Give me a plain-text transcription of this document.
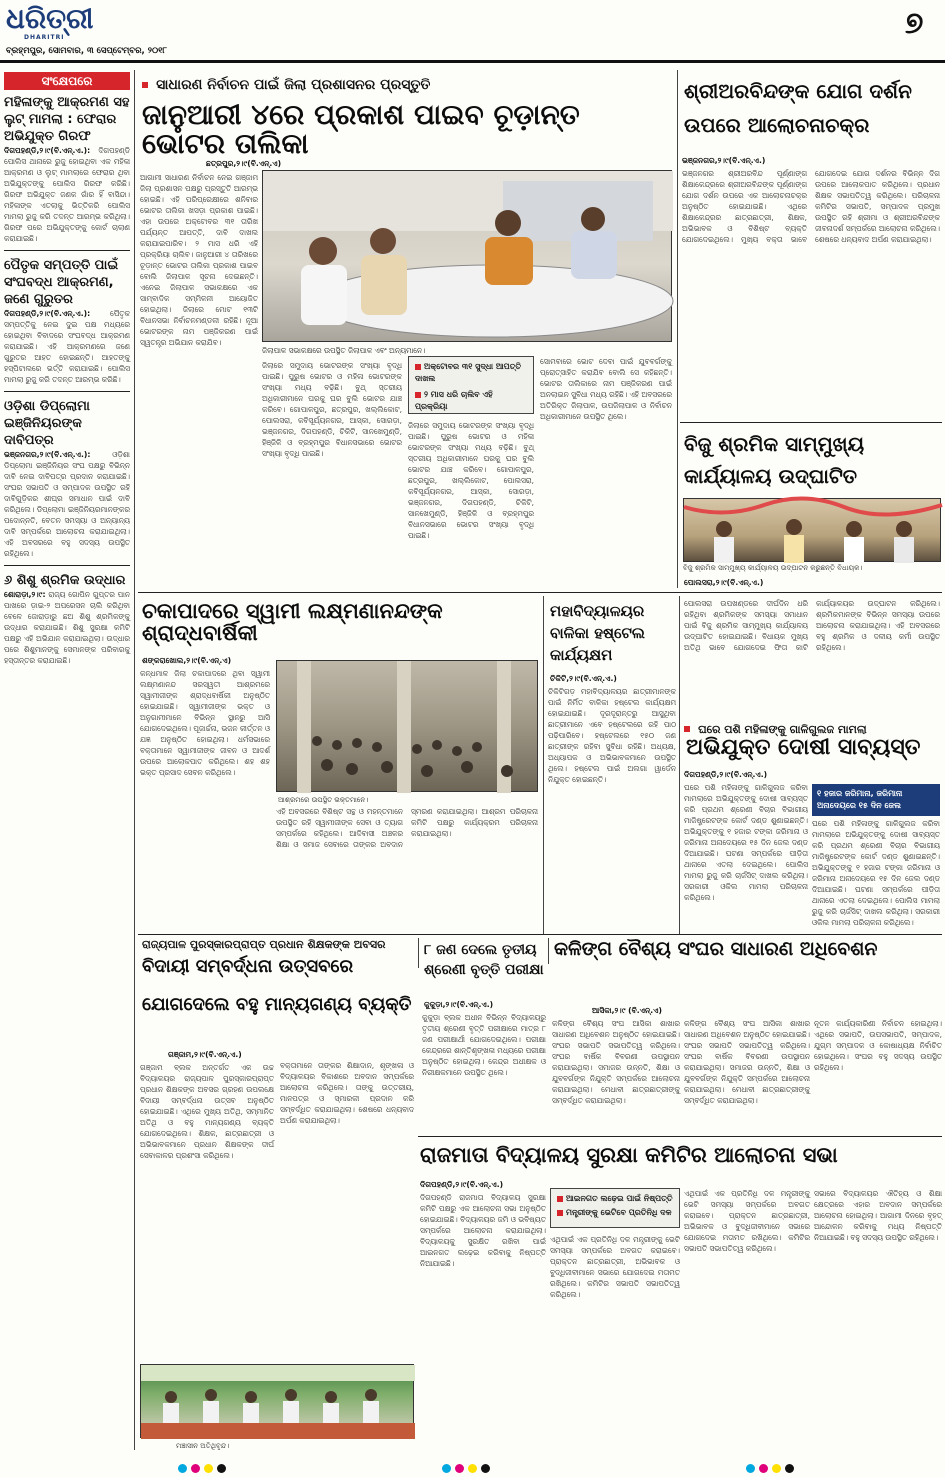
ଧରିତ୍ରୀ
DHARITRI
ବ୍ରହ୍ମପୁର, ସୋମବାର, ୩ ସେପ୍ଟେମ୍ବର, ୨୦୧୮
୭
ସଂକ୍ଷେପରେ
ମହିଳାଙ୍କୁ ଆକ୍ରମଣ ସହ ଲୁଟ୍ ମାମଲା : ଫେରାର ଅଭିଯୁକ୍ତ ଗିରଫ
ଦିଗପହଣ୍ଡି,୨।୯(ବି.ଏନ୍.ଏ.): ଦିଗପହଣ୍ଡି ପୋଲିସ ଥାନାରେ ରୁଜୁ ହୋଇଥିବା ଏକ ମହିଳା ଆକ୍ରମଣ ଓ ଲୁଟ୍ ମାମଲାରେ ଫେରାର ଥିବା ଅଭିଯୁକ୍ତଙ୍କୁ ପୋଲିସ ଗିରଫ କରିଛି। ଗିରଫ ଅଭିଯୁକ୍ତ ଜଣକ ଗାଁର ହିଁ ବାସିନ୍ଦା। ମହିଳାଙ୍କ ଏତଲାକୁ ଭିତ୍ତିକରି ପୋଲିସ ମାମଲା ରୁଜୁ କରି ତଦନ୍ତ ଆରମ୍ଭ କରିଥିଲା। ଗିରଫ ପରେ ଅଭିଯୁକ୍ତଙ୍କୁ କୋର୍ଟ ଚାଲାଣ କରାଯାଇଛି।
ପୈତୃକ ସମ୍ପତ୍ତି ପାଇଁ ସଂଘବଦ୍ଧ ଆକ୍ରମଣ, ଜଣେ ଗୁରୁତର
ଦିଗପହଣ୍ଡି,୨।୯(ବି.ଏନ୍.ଏ.):	ପୈତୃକ ସମ୍ପତ୍ତିକୁ ନେଇ ଦୁଇ ପକ୍ଷ ମଧ୍ୟରେ ହୋଇଥିବା ବିବାଦରେ ସଂଘବଦ୍ଧ ଆକ୍ରମଣ କରାଯାଇଛି। ଏହି ଆକ୍ରମଣରେ ଜଣେ ଗୁରୁତର ଆହତ ହୋଇଛନ୍ତି। ଆହତଙ୍କୁ ହସ୍ପିଟାଲରେ ଭର୍ତ୍ତି କରାଯାଇଛି। ପୋଲିସ ମାମଲା ରୁଜୁ କରି ତଦନ୍ତ ଆରମ୍ଭ କରିଛି।
ଓଡ଼ିଶା ଡିପ୍ଲୋମା ଇଞ୍ଜିନିୟରଙ୍କ ଦାବିପତ୍ର
ଭଞ୍ଜନଗର,୨।୯(ବି.ଏନ୍.ଏ.):	ଓଡ଼ିଶା ଡିପ୍ଲୋମା ଇଞ୍ଜିନିୟର ସଂଘ ପକ୍ଷରୁ ବିଭିନ୍ନ ଦାବି ନେଇ ଦାବିପତ୍ର ପ୍ରଦାନ କରାଯାଇଛି। ସଂଘର ସଭାପତି ଓ ସମ୍ପାଦକ ଉପସ୍ଥିତ ରହି ଦାବିଗୁଡ଼ିକର ଶୀଘ୍ର ସମାଧାନ ପାଇଁ ଦାବି କରିଥିଲେ। ଡିପ୍ଲୋମା ଇଞ୍ଜିନିୟରମାନଙ୍କର ପଦୋନ୍ନତି, ବେତନ ସମସ୍ୟା ଓ ଅନ୍ୟାନ୍ୟ ଦାବି ସମ୍ପର୍କରେ ଆଲୋଚନା କରାଯାଇଥିଲା। ଏହି ଅବସରରେ ବହୁ ସଦସ୍ୟ ଉପସ୍ଥିତ ରହିଥିଲେ।
୬ ଶିଶୁ ଶ୍ରମିକ ଉଦ୍ଧାର
ଶୋରାଡ଼ା,୨।୯: ରାଜ୍ୟ ଗୋପିନ ଗୁପ୍ତର ପାନ ପାଖରେ ଡ଼ାଇ-୨ ଅପରେସନ ଚାଲି କରିଥିବା ବେଳେ ଜୋରାଡ଼ାରୁ ଛଅ ଶିଶୁ ଶ୍ରମିକଙ୍କୁ ଉଦ୍ଧାର କରାଯାଇଛି। ଶିଶୁ ସୁରକ୍ଷା କମିଟି ପକ୍ଷରୁ ଏହି ଅଭିଯାନ କରାଯାଇଥିଲା। ଉଦ୍ଧାର ପରେ ଶିଶୁମାନଙ୍କୁ ସେମାନଙ୍କ ପରିବାରକୁ ହସ୍ତାନ୍ତର କରାଯାଇଛି।
ସାଧାରଣ ନିର୍ବାଚନ ପାଇଁ ଜିଲା ପ୍ରଶାସନର ପ୍ରସ୍ତୁତି
ଜାନୁଆରୀ ୪ରେ ପ୍ରକାଶ ପାଇବ ଚୂଡ଼ାନ୍ତ ଭୋଟର ତାଲିକା
ଛତ୍ରପୁର,୨।୯(ବି.ଏନ୍.ଏ)
ଆଗାମୀ ସାଧାରଣ ନିର୍ବାଚନ ନେଇ ଗଞ୍ଜାମ ଜିଲା ପ୍ରଶାସନ ପକ୍ଷରୁ ପ୍ରସ୍ତୁତି ଆରମ୍ଭ ହୋଇଛି। ଏହି ପରିପ୍ରେକ୍ଷୀରେ ଶନିବାର ଭୋଟର ତାଲିକା ଖସଡ଼ା ପ୍ରକାଶ ପାଇଛି। ଏହା ଉପରେ ଅକ୍ଟୋବର ୩୧ ତାରିଖ ପର୍ଯ୍ୟନ୍ତ ଆପତ୍ତି, ଦାବି ଦାଖଲ କରାଯାଇପାରିବ। ୨ ମାସ ଧରି ଏହି ପ୍ରକ୍ରିୟା ଚାଲିବ। ଜାନୁଆରୀ ୪ ତାରିଖରେ ଚୂଡ଼ାନ୍ତ ଭୋଟର ତାଲିକା ପ୍ରକାଶ ପାଇବ ବୋଲି ଜିଲାପାଳ ସୂଚନା ଦେଇଛନ୍ତି। ଏନେଇ ଜିଲାପାଳ ସଭାକକ୍ଷରେ ଏକ ସାମ୍ବାଦିକ ସମ୍ମିଳନୀ ଆୟୋଜିତ ହୋଇଥିଲା। ଜିଲାରେ ମୋଟ ୧୩ଟି ବିଧାନସଭା ନିର୍ବାଚନମଣ୍ଡଳୀ ରହିଛି। ନୂଆ ଭୋଟରଙ୍କ ନାମ ପଞ୍ଜିକରଣ ପାଇଁ ସ୍ୱତନ୍ତ୍ର ଅଭିଯାନ କରାଯିବ।
ଜିଲାପାଳ ସଭାକକ୍ଷରେ ଉପସ୍ଥିତ ଜିଲାପାଳ ଏବଂ ଅନ୍ୟମାନେ।
ଜିଲାରେ ସମୁଦାୟ ଭୋଟରଙ୍କ ସଂଖ୍ୟା ବୃଦ୍ଧି ପାଇଛି। ପୁରୁଷ ଭୋଟର ଓ ମହିଳା ଭୋଟରଙ୍କ ସଂଖ୍ୟା ମଧ୍ୟ ବଢ଼ିଛି। ବୁଥ୍ ସ୍ତରୀୟ ଅଧିକାରୀମାନେ ଘରକୁ ଘର ବୁଲି ଭୋଟର ଯାଞ୍ଚ କରିବେ। ଗୋପାଳପୁର, ଛତ୍ରପୁର, ଖଲ୍ଲିକୋଟ, ପୋଲସରା, କବିସୂର୍ଯ୍ୟନଗର, ଆସ୍କା, ସୋରଡ଼ା, ଭଞ୍ଜନଗର, ଦିଗପହଣ୍ଡି, ଚିକିଟି, ସାନଖେମୁଣ୍ଡି, ହିଞ୍ଜିଳି ଓ ବ୍ରହ୍ମପୁର ବିଧାନସଭାରେ ଭୋଟର ସଂଖ୍ୟା ବୃଦ୍ଧି ପାଇଛି।
ଅକ୍ଟୋବର ୩୧ ସୁଦ୍ଧା ଆପତ୍ତି ଦାଖଲ
୨ ମାସ ଧରି ଚାଲିବ ଏହି ପ୍ରକ୍ରିୟା
ଜିଲାରେ ସମୁଦାୟ ଭୋଟରଙ୍କ ସଂଖ୍ୟା ବୃଦ୍ଧି ପାଇଛି। ପୁରୁଷ ଭୋଟର ଓ ମହିଳା ଭୋଟରଙ୍କ ସଂଖ୍ୟା ମଧ୍ୟ ବଢ଼ିଛି। ବୁଥ୍ ସ୍ତରୀୟ ଅଧିକାରୀମାନେ ଘରକୁ ଘର ବୁଲି ଭୋଟର ଯାଞ୍ଚ କରିବେ। ଗୋପାଳପୁର, ଛତ୍ରପୁର, ଖଲ୍ଲିକୋଟ, ପୋଲସରା, କବିସୂର୍ଯ୍ୟନଗର, ଆସ୍କା, ସୋରଡ଼ା, ଭଞ୍ଜନଗର, ଦିଗପହଣ୍ଡି, ଚିକିଟି, ସାନଖେମୁଣ୍ଡି, ହିଞ୍ଜିଳି ଓ ବ୍ରହ୍ମପୁର ବିଧାନସଭାରେ ଭୋଟର ସଂଖ୍ୟା ବୃଦ୍ଧି ପାଇଛି।
ସୋମବାରେ ଭୋଟ ଦେବା ପାଇଁ ଯୁବବର୍ଗଙ୍କୁ ପ୍ରୋତ୍ସାହିତ କରାଯିବ ବୋଲି ସେ କହିଛନ୍ତି। ଭୋଟର ତାଲିକାରେ ନାମ ପଞ୍ଜିକରଣ ପାଇଁ ଅନଲାଇନ ସୁବିଧା ମଧ୍ୟ ରହିଛି। ଏହି ଅବସରରେ ଅତିରିକ୍ତ ଜିଲାପାଳ, ଉପଜିଲାପାଳ ଓ ନିର୍ବାଚନ ଅଧିକାରୀମାନେ ଉପସ୍ଥିତ ଥିଲେ।
ଶ୍ରୀଅରବିନ୍ଦଙ୍କ ଯୋଗ ଦର୍ଶନ ଉପରେ ଆଲୋଚନାଚକ୍ର
ଭଞ୍ଜନଗର,୨।୯(ବି.ଏନ୍.ଏ.)
ଭଞ୍ଜନଗର ଶ୍ରୀଅରବିନ୍ଦ ପୂର୍ଣ୍ଣାଙ୍ଗ ଶିକ୍ଷାକେନ୍ଦ୍ରରେ ଶ୍ରୀଅରବିନ୍ଦଙ୍କ ପୂର୍ଣ୍ଣାଙ୍ଗ ଯୋଗ ଦର୍ଶନ ଉପରେ ଏକ ଆଲୋଚନାଚକ୍ର ଅନୁଷ୍ଠିତ ହୋଇଯାଇଛି। ଏଥିରେ ଶିକ୍ଷାକେନ୍ଦ୍ରର ଛାତ୍ରଛାତ୍ରୀ, ଶିକ୍ଷକ, ଅଭିଭାବକ ଓ ବିଶିଷ୍ଟ ବ୍ୟକ୍ତି ଯୋଗଦେଇଥିଲେ। ମୁଖ୍ୟ ବକ୍ତା ଭାବେ ଯୋଗଦେଇ ଯୋଗ ଦର୍ଶନର ବିଭିନ୍ନ ଦିଗ ଉପରେ ଆଲୋକପାତ କରିଥିଲେ। ପ୍ରଧାନ ଶିକ୍ଷକ ସଭାପତିତ୍ୱ କରିଥିଲେ। ପରିଚାଳନା କମିଟିର ସଭାପତି, ସମ୍ପାଦକ ପ୍ରମୁଖ ଉପସ୍ଥିତ ରହି ଶ୍ରୀମା ଓ ଶ୍ରୀଅରବିନ୍ଦଙ୍କ ଜୀବନାଦର୍ଶ ସମ୍ପର୍କରେ ଆଲୋଚନା କରିଥିଲେ। ଶେଷରେ ଧନ୍ୟବାଦ ଅର୍ପଣ କରାଯାଇଥିଲା।
ବିଜୁ ଶ୍ରମିକ ସାମ୍ମୁଖ୍ୟ କାର୍ଯ୍ୟାଳୟ ଉଦ୍‌ଘାଟିତ
ବିଜୁ ଶ୍ରମିକ ସାମ୍ମୁଖ୍ୟ କାର୍ଯ୍ୟାଳୟ ଉଦ୍‌ଘାଟନ କରୁଛନ୍ତି ବିଧାୟକ।
ପୋଲସରା,୨।୯(ବି.ଏନ୍.ଏ.)
ପୋଲସରା ଉପଖଣ୍ଡରେ ଦୀର୍ଘଦିନ ଧରି ରହିଥିବା ଶ୍ରମିକଙ୍କ ସମସ୍ୟା ସମାଧାନ ପାଇଁ ବିଜୁ ଶ୍ରମିକ ସାମ୍ମୁଖ୍ୟ କାର୍ଯ୍ୟାଳୟ ଉଦ୍‌ଘାଟିତ ହୋଇଯାଇଛି। ବିଧାୟକ ମୁଖ୍ୟ ଅତିଥି ଭାବେ ଯୋଗଦେଇ ଫିତା କାଟି କାର୍ଯ୍ୟାଳୟର ଉଦ୍‌ଘାଟନ କରିଥିଲେ। ଶ୍ରମିକମାନଙ୍କ ବିଭିନ୍ନ ସମସ୍ୟା ଉପରେ ଆଲୋଚନା କରାଯାଇଥିଲା। ଏହି ଅବସରରେ ବହୁ ଶ୍ରମିକ ଓ ଦଳୀୟ କର୍ମୀ ଉପସ୍ଥିତ ରହିଥିଲେ।
ଘରେ ପଶି ମହିଳାଙ୍କୁ ଗାଳିଗୁଲଜ ମାମଲା
ଅଭିଯୁକ୍ତ ଦୋଷୀ ସାବ୍ୟସ୍ତ
ଦିଗପହଣ୍ଡି,୨।୯(ବି.ଏନ୍.ଏ.)
୧ ହଜାର ଜରିମାନା, ଜରିମାନା
ଅନାଦେୟରେ ୧୫ ଦିନ ଜେଲ
ଘରେ ପଶି ମହିଳାଙ୍କୁ ଗାଳିଗୁଲଜ କରିବା ମାମଲାରେ ଅଭିଯୁକ୍ତଙ୍କୁ ଦୋଷୀ ସାବ୍ୟସ୍ତ କରି ପ୍ରଥମ ଶ୍ରେଣୀ ବିଚାର ବିଭାଗୀୟ ମାଜିଷ୍ଟ୍ରେଟଙ୍କ କୋର୍ଟ ଦଣ୍ଡ ଶୁଣାଇଛନ୍ତି। ଅଭିଯୁକ୍ତଙ୍କୁ ୧ ହଜାର ଟଙ୍କା ଜରିମାନା ଓ ଜରିମାନା ଅନାଦେୟରେ ୧୫ ଦିନ ଜେଲ ଦଣ୍ଡ ଦିଆଯାଇଛି। ଘଟଣା ସମ୍ପର୍କରେ ପୀଡ଼ିତା ଥାନାରେ ଏତଲା ଦେଇଥିଲେ। ପୋଲିସ ମାମଲା ରୁଜୁ କରି ଚାର୍ଜସିଟ୍ ଦାଖଲ କରିଥିଲା। ସରକାରୀ ଓକିଲ ମାମଲା ପରିଚାଳନା କରିଥିଲେ।
ଘରେ ପଶି ମହିଳାଙ୍କୁ ଗାଳିଗୁଲଜ କରିବା ମାମଲାରେ ଅଭିଯୁକ୍ତଙ୍କୁ ଦୋଷୀ ସାବ୍ୟସ୍ତ କରି ପ୍ରଥମ ଶ୍ରେଣୀ ବିଚାର ବିଭାଗୀୟ ମାଜିଷ୍ଟ୍ରେଟଙ୍କ କୋର୍ଟ ଦଣ୍ଡ ଶୁଣାଇଛନ୍ତି। ଅଭିଯୁକ୍ତଙ୍କୁ ୧ ହଜାର ଟଙ୍କା ଜରିମାନା ଓ ଜରିମାନା ଅନାଦେୟରେ ୧୫ ଦିନ ଜେଲ ଦଣ୍ଡ ଦିଆଯାଇଛି। ଘଟଣା ସମ୍ପର୍କରେ ପୀଡ଼ିତା ଥାନାରେ ଏତଲା ଦେଇଥିଲେ। ପୋଲିସ ମାମଲା ରୁଜୁ କରି ଚାର୍ଜସିଟ୍ ଦାଖଲ କରିଥିଲା। ସରକାରୀ ଓକିଲ ମାମଲା ପରିଚାଳନା କରିଥିଲେ।
ଚକାପାଦରେ ସ୍ୱାମୀ ଲକ୍ଷ୍ମଣାନନ୍ଦଙ୍କ ଶ୍ରାଦ୍ଧବାର୍ଷିକୀ
ଶଙ୍କରାଖୋଲ,୨।୯(ବି.ଏନ୍.ଏ)
କନ୍ଧମାଳ ଜିଲା ଚକାପାଦରେ ଥିବା ସ୍ୱାମୀ ଲକ୍ଷ୍ମଣାନନ୍ଦ ସରସ୍ୱତୀ ଆଶ୍ରମରେ ସ୍ୱାମୀଜୀଙ୍କ ଶ୍ରାଦ୍ଧବାର୍ଷିକୀ ଅନୁଷ୍ଠିତ ହୋଇଯାଇଛି। ସ୍ୱାମୀଜୀଙ୍କ ଭକ୍ତ ଓ ଅନୁଗାମୀମାନେ ବିଭିନ୍ନ ସ୍ଥାନରୁ ଆସି ଯୋଗଦେଇଥିଲେ। ପୂଜାର୍ଚ୍ଚନା, ଭଜନ କୀର୍ତ୍ତନ ଓ ଯଜ୍ଞ ଅନୁଷ୍ଠିତ ହୋଇଥିଲା। ଧର୍ମସଭାରେ ବକ୍ତାମାନେ ସ୍ୱାମୀଜୀଙ୍କ ଜୀବନ ଓ ଆଦର୍ଶ ଉପରେ ଆଲୋକପାତ କରିଥିଲେ। ଶହ ଶହ ଭକ୍ତ ପ୍ରସାଦ ସେବନ କରିଥିଲେ।
ଆଶ୍ରମରେ ଉପସ୍ଥିତ ଭକ୍ତମାନେ।
ଏହି ଅବସରରେ ବିଶିଷ୍ଟ ସନ୍ଥ ଓ ମହନ୍ତମାନେ ଉପସ୍ଥିତ ରହି ସ୍ୱାମୀଜୀଙ୍କ ସେବା ଓ ତ୍ୟାଗ ସମ୍ପର୍କରେ କହିଥିଲେ। ଆଦିବାସୀ ଅଞ୍ଚଳର ଶିକ୍ଷା ଓ ସମାଜ ସେବାରେ ତାଙ୍କର ଅବଦାନ ସ୍ମରଣ କରାଯାଇଥିଲା। ଆଶ୍ରମ ପରିଚାଳନା କମିଟି ପକ୍ଷରୁ କାର୍ଯ୍ୟକ୍ରମ ପରିଚାଳନା କରାଯାଇଥିଲା।
ମହାବିଦ୍ୟାଳୟର ବାଳିକା ହଷ୍ଟେଲ କାର୍ଯ୍ୟକ୍ଷମ
ଚିକିଟି,୨।୯(ବି.ଏନ୍.ଏ.)
ଚିକିଟିଗଡ଼ ମହାବିଦ୍ୟାଳୟର ଛାତ୍ରୀମାନଙ୍କ ପାଇଁ ନିର୍ମିତ ବାଳିକା ହଷ୍ଟେଲ କାର୍ଯ୍ୟକ୍ଷମ ହୋଇଯାଇଛି। ଦୂରଦୂରାନ୍ତରୁ ଆସୁଥିବା ଛାତ୍ରୀମାନେ ଏବେ ହଷ୍ଟେଲରେ ରହି ପାଠ ପଢ଼ିପାରିବେ। ହଷ୍ଟେଲରେ ୧୫୦ ଜଣ ଛାତ୍ରୀଙ୍କ ରହିବା ସୁବିଧା ରହିଛି। ଅଧ୍ୟକ୍ଷ, ଅଧ୍ୟାପକ ଓ ଅଭିଭାବକମାନେ ଉପସ୍ଥିତ ଥିଲେ। ହଷ୍ଟେଲ ପାଇଁ ଅଲଗା ୱାର୍ଡେନ ନିଯୁକ୍ତ ହୋଇଛନ୍ତି।
ରାଜ୍ୟପାଳ ପୁରସ୍କାରପ୍ରାପ୍ତ ପ୍ରଧାନ ଶିକ୍ଷକଙ୍କ ଅବସର
ବିଦାୟୀ ସମ୍ବର୍ଦ୍ଧନା ଉତ୍ସବରେ
ଯୋଗଦେଲେ ବହୁ ମାନ୍ୟଗଣ୍ୟ ବ୍ୟକ୍ତି
ଗଞ୍ଜାମ,୨।୯(ବି.ଏନ୍.ଏ.)
ଗଞ୍ଜାମ ବ୍ଲକ ଅନ୍ତର୍ଗତ ଏକ ଉଚ୍ଚ ବିଦ୍ୟାଳୟର ରାଜ୍ୟପାଳ ପୁରସ୍କାରପ୍ରାପ୍ତ ପ୍ରଧାନ ଶିକ୍ଷକଙ୍କ ଅବସର ଗ୍ରହଣ ଉପଲକ୍ଷେ ବିଦାୟୀ ସମ୍ବର୍ଦ୍ଧନା ଉତ୍ସବ ଅନୁଷ୍ଠିତ ହୋଇଯାଇଛି। ଏଥିରେ ମୁଖ୍ୟ ଅତିଥି, ସମ୍ମାନିତ ଅତିଥି ଓ ବହୁ ମାନ୍ୟଗଣ୍ୟ ବ୍ୟକ୍ତି ଯୋଗଦେଇଥିଲେ। ଶିକ୍ଷକ, ଛାତ୍ରଛାତ୍ରୀ ଓ ଅଭିଭାବକମାନେ ପ୍ରଧାନ ଶିକ୍ଷକଙ୍କ ଦୀର୍ଘ ସେବାକାଳର ପ୍ରଶଂସା କରିଥିଲେ।
ବକ୍ତାମାନେ ତାଙ୍କର ଶିକ୍ଷାଦାନ, ଶୃଙ୍ଖଳା ଓ ବିଦ୍ୟାଳୟର ବିକାଶରେ ଅବଦାନ ସମ୍ପର୍କରେ ଆଲୋଚନା କରିଥିଲେ। ତାଙ୍କୁ ଉତ୍ତରୀୟ, ମାନପତ୍ର ଓ ସ୍ମାରକୀ ପ୍ରଦାନ କରି ସମ୍ବର୍ଦ୍ଧିତ କରାଯାଇଥିଲା। ଶେଷରେ ଧନ୍ୟବାଦ ଅର୍ପଣ କରାଯାଇଥିଲା।
ମଞ୍ଚାସୀନ ଅତିଥିବୃନ୍ଦ।
୮ ଜଣ ଦେଲେ ତୃତୀୟ ଶ୍ରେଣୀ ବୃତ୍ତି ପରୀକ୍ଷା
କୁକୁଡ଼ା,୨।୯(ବି.ଏନ୍.ଏ.)
କୁକୁଡ଼ା ବ୍ଲକ ଅଧୀନ ବିଭିନ୍ନ ବିଦ୍ୟାଳୟରୁ ତୃତୀୟ ଶ୍ରେଣୀ ବୃତ୍ତି ପରୀକ୍ଷାରେ ମାତ୍ର ୮ ଜଣ ପରୀକ୍ଷାର୍ଥୀ ଯୋଗଦେଇଥିଲେ। ପରୀକ୍ଷା କେନ୍ଦ୍ରରେ ଶାନ୍ତିଶୃଙ୍ଖଳା ମଧ୍ୟରେ ପରୀକ୍ଷା ଅନୁଷ୍ଠିତ ହୋଇଥିଲା। କେନ୍ଦ୍ର ଅଧୀକ୍ଷକ ଓ ନିରୀକ୍ଷକମାନେ ଉପସ୍ଥିତ ଥିଲେ।
କଳିଙ୍ଗ ବୈଶ୍ୟ ସଂଘର ସାଧାରଣ ଅଧିବେଶନ
ଆସିକା,୨।୯ (ବି.ଏନ୍.ଏ)
କଳିଙ୍ଗ ବୈଶ୍ୟ ସଂଘ ଆସିକା ଶାଖାର ସାଧାରଣ ଅଧିବେଶନ ଅନୁଷ୍ଠିତ ହୋଇଯାଇଛି। ସଂଘର ସଭାପତି ସଭାପତିତ୍ୱ କରିଥିଲେ। ସଂଘର ବାର୍ଷିକ ବିବରଣୀ ଉପସ୍ଥାପନ କରାଯାଇଥିଲା। ସମାଜର ଉନ୍ନତି, ଶିକ୍ଷା ଓ ଯୁବବର୍ଗଙ୍କ ନିଯୁକ୍ତି ସମ୍ପର୍କରେ ଆଲୋଚନା କରାଯାଇଥିଲା। ମେଧାବୀ ଛାତ୍ରଛାତ୍ରୀଙ୍କୁ ସମ୍ବର୍ଦ୍ଧିତ କରାଯାଇଥିଲା।
କଳିଙ୍ଗ ବୈଶ୍ୟ ସଂଘ ଆସିକା ଶାଖାର ସାଧାରଣ ଅଧିବେଶନ ଅନୁଷ୍ଠିତ ହୋଇଯାଇଛି। ସଂଘର ସଭାପତି ସଭାପତିତ୍ୱ କରିଥିଲେ। ସଂଘର ବାର୍ଷିକ ବିବରଣୀ ଉପସ୍ଥାପନ କରାଯାଇଥିଲା। ସମାଜର ଉନ୍ନତି, ଶିକ୍ଷା ଓ ଯୁବବର୍ଗଙ୍କ ନିଯୁକ୍ତି ସମ୍ପର୍କରେ ଆଲୋଚନା କରାଯାଇଥିଲା। ମେଧାବୀ ଛାତ୍ରଛାତ୍ରୀଙ୍କୁ ସମ୍ବର୍ଦ୍ଧିତ କରାଯାଇଥିଲା।
ନୂତନ କାର୍ଯ୍ୟକାରିଣୀ ନିର୍ବାଚନ ହୋଇଥିଲା। ଏଥିରେ ସଭାପତି, ଉପସଭାପତି, ସମ୍ପାଦକ, ଯୁଗ୍ମ ସମ୍ପାଦକ ଓ କୋଷାଧ୍ୟକ୍ଷ ନିର୍ବାଚିତ ହୋଇଥିଲେ। ସଂଘର ବହୁ ସଦସ୍ୟ ଉପସ୍ଥିତ ରହିଥିଲେ।
ରାଜମାତା ବିଦ୍ୟାଳୟ ସୁରକ୍ଷା କମିଟିର ଆଲୋଚନା ସଭା
ଦିଗପହଣ୍ଡି,୨।୯(ବି.ଏନ୍.ଏ.)
ଦିଗପହଣ୍ଡି ରାଜମାତା ବିଦ୍ୟାଳୟ ସୁରକ୍ଷା କମିଟି ପକ୍ଷରୁ ଏକ ଆଲୋଚନା ସଭା ଅନୁଷ୍ଠିତ ହୋଇଯାଇଛି। ବିଦ୍ୟାଳୟର ଜମି ଓ ଭବିଷ୍ୟତ ସମ୍ପର୍କରେ ଆଲୋଚନା କରାଯାଇଥିଲା। ବିଦ୍ୟାଳୟକୁ ସୁରକ୍ଷିତ ରଖିବା ପାଇଁ ଆଇନଗତ ଲଢ଼େଇ କରିବାକୁ ନିଷ୍ପତ୍ତି ନିଆଯାଇଛି।
ଆଇନଗତ ଲଢ଼େଇ ପାଇଁ ନିଷ୍ପତ୍ତି
ମନ୍ତ୍ରୀଙ୍କୁ ଭେଟିବେ ପ୍ରତିନିଧି ଦଳ
ଏଥିପାଇଁ ଏକ ପ୍ରତିନିଧି ଦଳ ମନ୍ତ୍ରୀଙ୍କୁ ଭେଟି ସମସ୍ୟା ସମ୍ପର୍କରେ ଅବଗତ କରାଇବେ। ପ୍ରାକ୍ତନ ଛାତ୍ରଛାତ୍ରୀ, ଅଭିଭାବକ ଓ ବୁଦ୍ଧିଜୀବୀମାନେ ସଭାରେ ଯୋଗଦେଇ ମତାମତ ରଖିଥିଲେ। କମିଟିର ସଭାପତି ସଭାପତିତ୍ୱ କରିଥିଲେ।
ଏଥିପାଇଁ ଏକ ପ୍ରତିନିଧି ଦଳ ମନ୍ତ୍ରୀଙ୍କୁ ଭେଟି ସମସ୍ୟା ସମ୍ପର୍କରେ ଅବଗତ କରାଇବେ। ପ୍ରାକ୍ତନ ଛାତ୍ରଛାତ୍ରୀ, ଅଭିଭାବକ ଓ ବୁଦ୍ଧିଜୀବୀମାନେ ସଭାରେ ଯୋଗଦେଇ ମତାମତ ରଖିଥିଲେ। କମିଟିର ସଭାପତି ସଭାପତିତ୍ୱ କରିଥିଲେ।
ସଭାରେ ବିଦ୍ୟାଳୟର ଐତିହ୍ୟ ଓ ଶିକ୍ଷା କ୍ଷେତ୍ରରେ ଏହାର ଅବଦାନ ସମ୍ପର୍କରେ ଆଲୋଚନା ହୋଇଥିଲା। ଆଗାମୀ ଦିନରେ ବୃହତ୍ ଆନ୍ଦୋଳନ କରିବାକୁ ମଧ୍ୟ ନିଷ୍ପତ୍ତି ନିଆଯାଇଛି। ବହୁ ସଦସ୍ୟ ଉପସ୍ଥିତ ରହିଥିଲେ।
